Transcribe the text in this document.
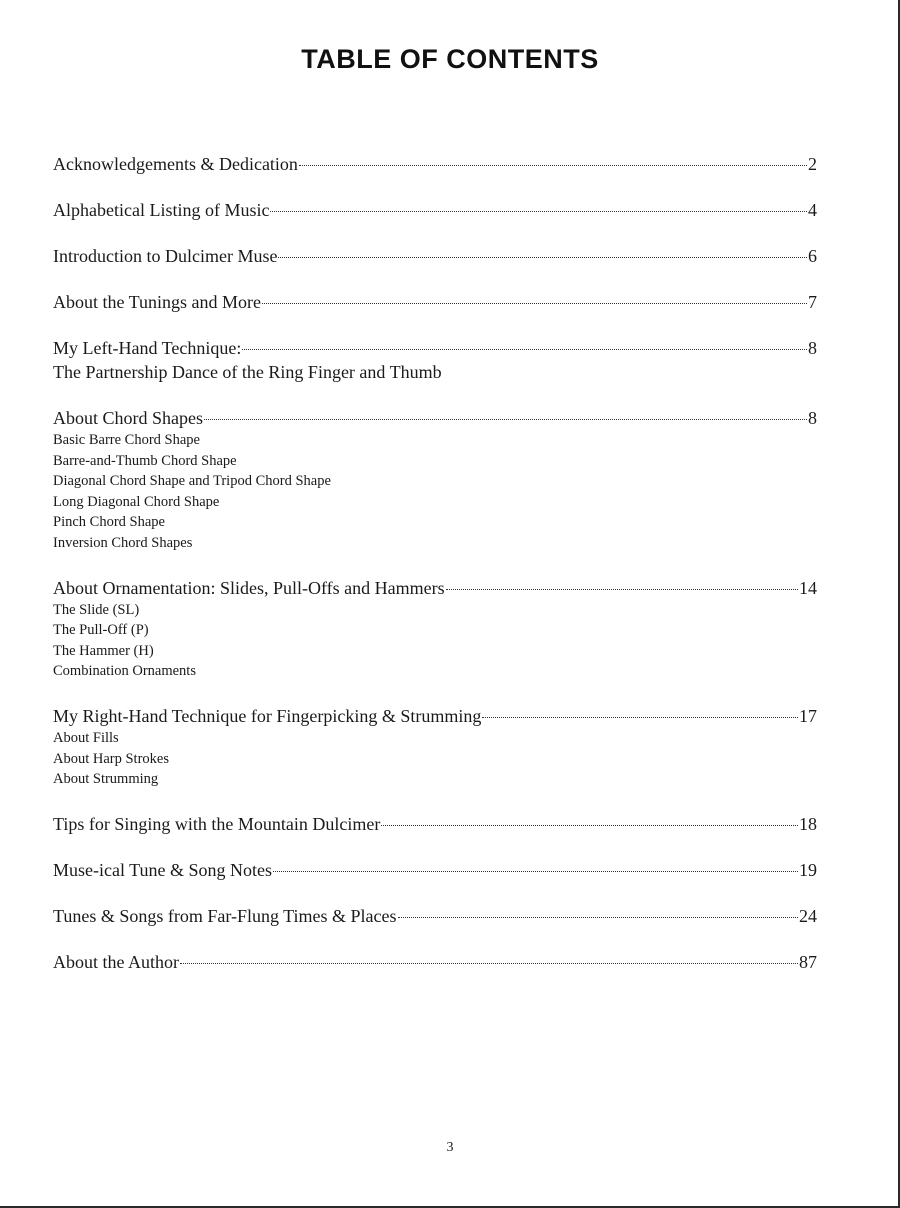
TABLE OF CONTENTS
Acknowledgements & Dedication	2
Alphabetical Listing of Music	4
Introduction to Dulcimer Muse	6
About the Tunings and More	7
My Left-Hand Technique:	8
The Partnership Dance of the Ring Finger and Thumb
About Chord Shapes	8
Basic Barre Chord Shape
Barre-and-Thumb Chord Shape
Diagonal Chord Shape and Tripod Chord Shape
Long Diagonal Chord Shape
Pinch Chord Shape
Inversion Chord Shapes
About Ornamentation: Slides, Pull-Offs and Hammers	14
The Slide (SL)
The Pull-Off (P)
The Hammer (H)
Combination Ornaments
My Right-Hand Technique for Fingerpicking & Strumming	17
About Fills
About Harp Strokes
About Strumming
Tips for Singing with the Mountain Dulcimer	18
Muse-ical Tune & Song Notes	19
Tunes & Songs from Far-Flung Times & Places	24
About the Author	87
3
